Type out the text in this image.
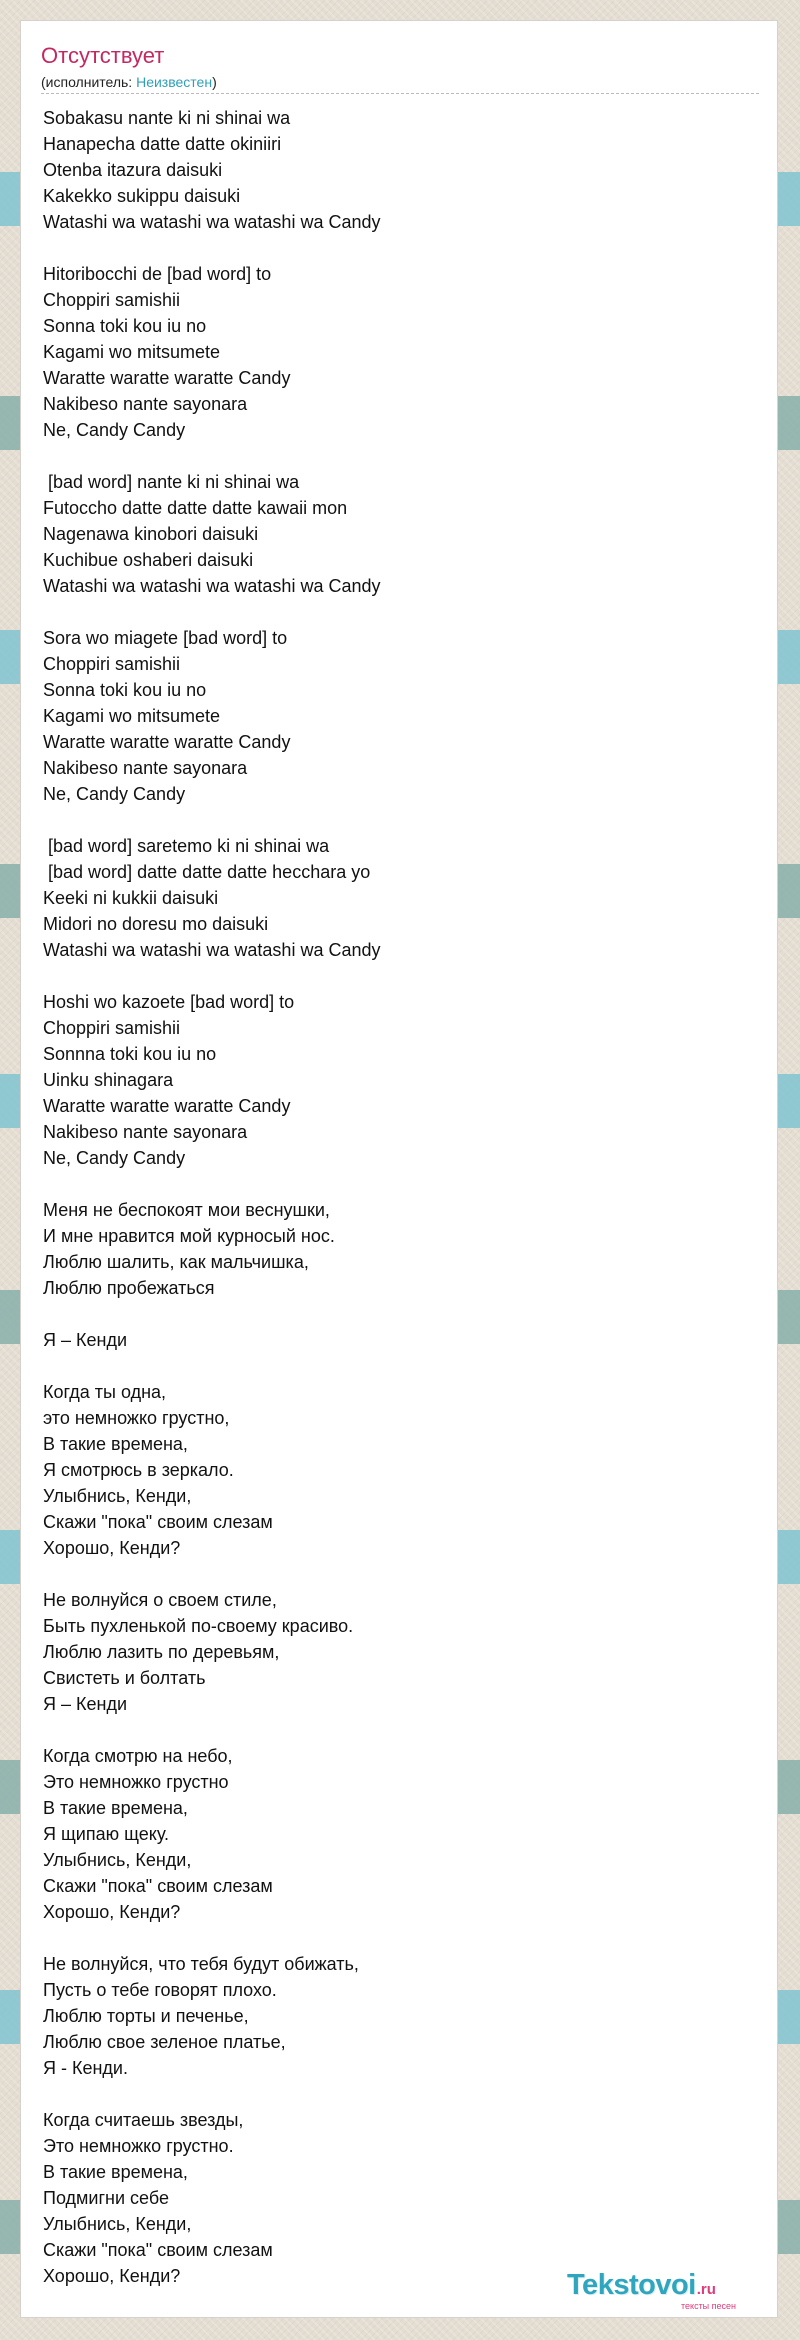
Отсутствует
(исполнитель: Неизвестен)
Sobakasu nante ki ni shinai wa
Hanapecha datte datte okiniiri
Otenba itazura daisuki
Kakekko sukippu daisuki
Watashi wa watashi wa watashi wa Candy

Hitoribocchi de [bad word] to
Choppiri samishii
Sonna toki kou iu no
Kagami wo mitsumete
Waratte waratte waratte Candy
Nakibeso nante sayonara
Ne, Candy Candy

[bad word] nante ki ni shinai wa
Futoccho datte datte datte kawaii mon
Nagenawa kinobori daisuki
Kuchibue oshaberi daisuki
Watashi wa watashi wa watashi wa Candy

Sora wo miagete [bad word] to
Choppiri samishii
Sonna toki kou iu no
Kagami wo mitsumete
Waratte waratte waratte Candy
Nakibeso nante sayonara
Ne, Candy Candy

[bad word] saretemo ki ni shinai wa
[bad word] datte datte datte hecchara yo
Keeki ni kukkii daisuki
Midori no doresu mo daisuki
Watashi wa watashi wa watashi wa Candy

Hoshi wo kazoete [bad word] to
Choppiri samishii
Sonnna toki kou iu no
Uinku shinagara
Waratte waratte waratte Candy
Nakibeso nante sayonara
Ne, Candy Candy

Меня не беспокоят мои веснушки,
И мне нравится мой курносый нос.
Люблю шалить, как мальчишка,
Люблю пробежаться

Я – Кенди

Когда ты одна,
это немножко грустно,
В такие времена,
Я смотрюсь в зеркало.
Улыбнись, Кенди,
Скажи "пока" своим слезам
Хорошо, Кенди?

Не волнуйся о своем стиле,
Быть пухленькой по-своему красиво.
Люблю лазить по деревьям,
Свистеть и болтать
Я – Кенди

Когда смотрю на небо,
Это немножко грустно
В такие времена,
Я щипаю щеку.
Улыбнись, Кенди,
Скажи "пока" своим слезам
Хорошо, Кенди?

Не волнуйся, что тебя будут обижать,
Пусть о тебе говорят плохо.
Люблю торты и печенье,
Люблю свое зеленое платье,
Я - Кенди.

Когда считаешь звезды,
Это немножко грустно.
В такие времена,
Подмигни себе
Улыбнись, Кенди,
Скажи "пока" своим слезам
Хорошо, Кенди?	Tekstovoi.ru
тексты песен
